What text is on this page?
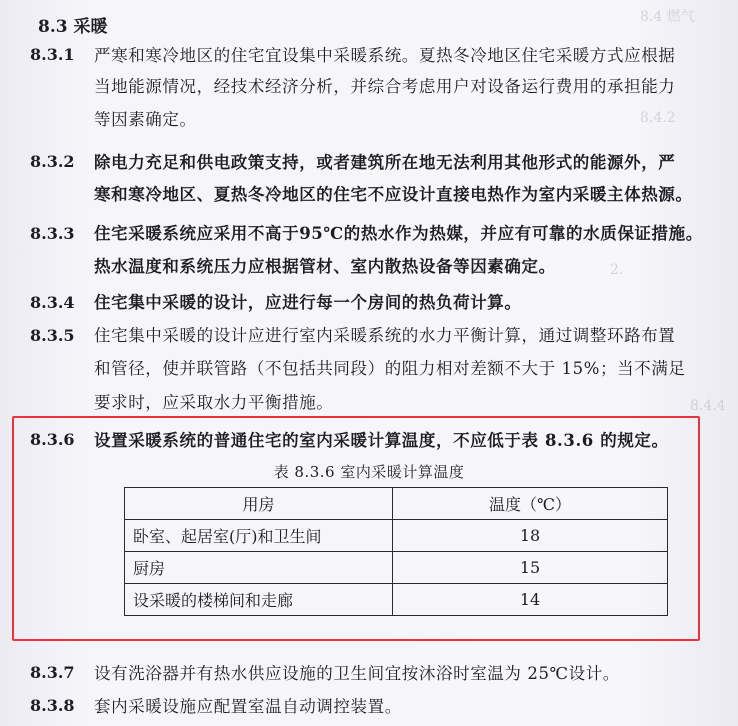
8.4 燃气
8.4.2
2.
8.4.4
8.3 采暖
8.3.1 严寒和寒冷地区的住宅宜设集中采暖系统。夏热冬冷地区住宅采暖方式应根据
当地能源情况，经技术经济分析，并综合考虑用户对设备运行费用的承担能力
等因素确定。
8.3.2 除电力充足和供电政策支持，或者建筑所在地无法利用其他形式的能源外，严
寒和寒冷地区、夏热冬冷地区的住宅不应设计直接电热作为室内采暖主体热源。
8.3.3 住宅采暖系统应采用不高于95℃的热水作为热媒，并应有可靠的水质保证措施。
热水温度和系统压力应根据管材、室内散热设备等因素确定。
8.3.4 住宅集中采暖的设计，应进行每一个房间的热负荷计算。
8.3.5 住宅集中采暖的设计应进行室内采暖系统的水力平衡计算，通过调整环路布置
和管径，使并联管路（不包括共同段）的阻力相对差额不大于 15%；当不满足
要求时，应采取水力平衡措施。
8.3.6 设置采暖系统的普通住宅的室内采暖计算温度，不应低于表 8.3.6 的规定。
表 8.3.6 室内采暖计算温度
用房	温度（℃）
卧室、起居室(厅)和卫生间	18
厨房	15
设采暖的楼梯间和走廊	14
8.3.7 设有洗浴器并有热水供应设施的卫生间宜按沐浴时室温为 25℃设计。
8.3.8 套内采暖设施应配置室温自动调控装置。
